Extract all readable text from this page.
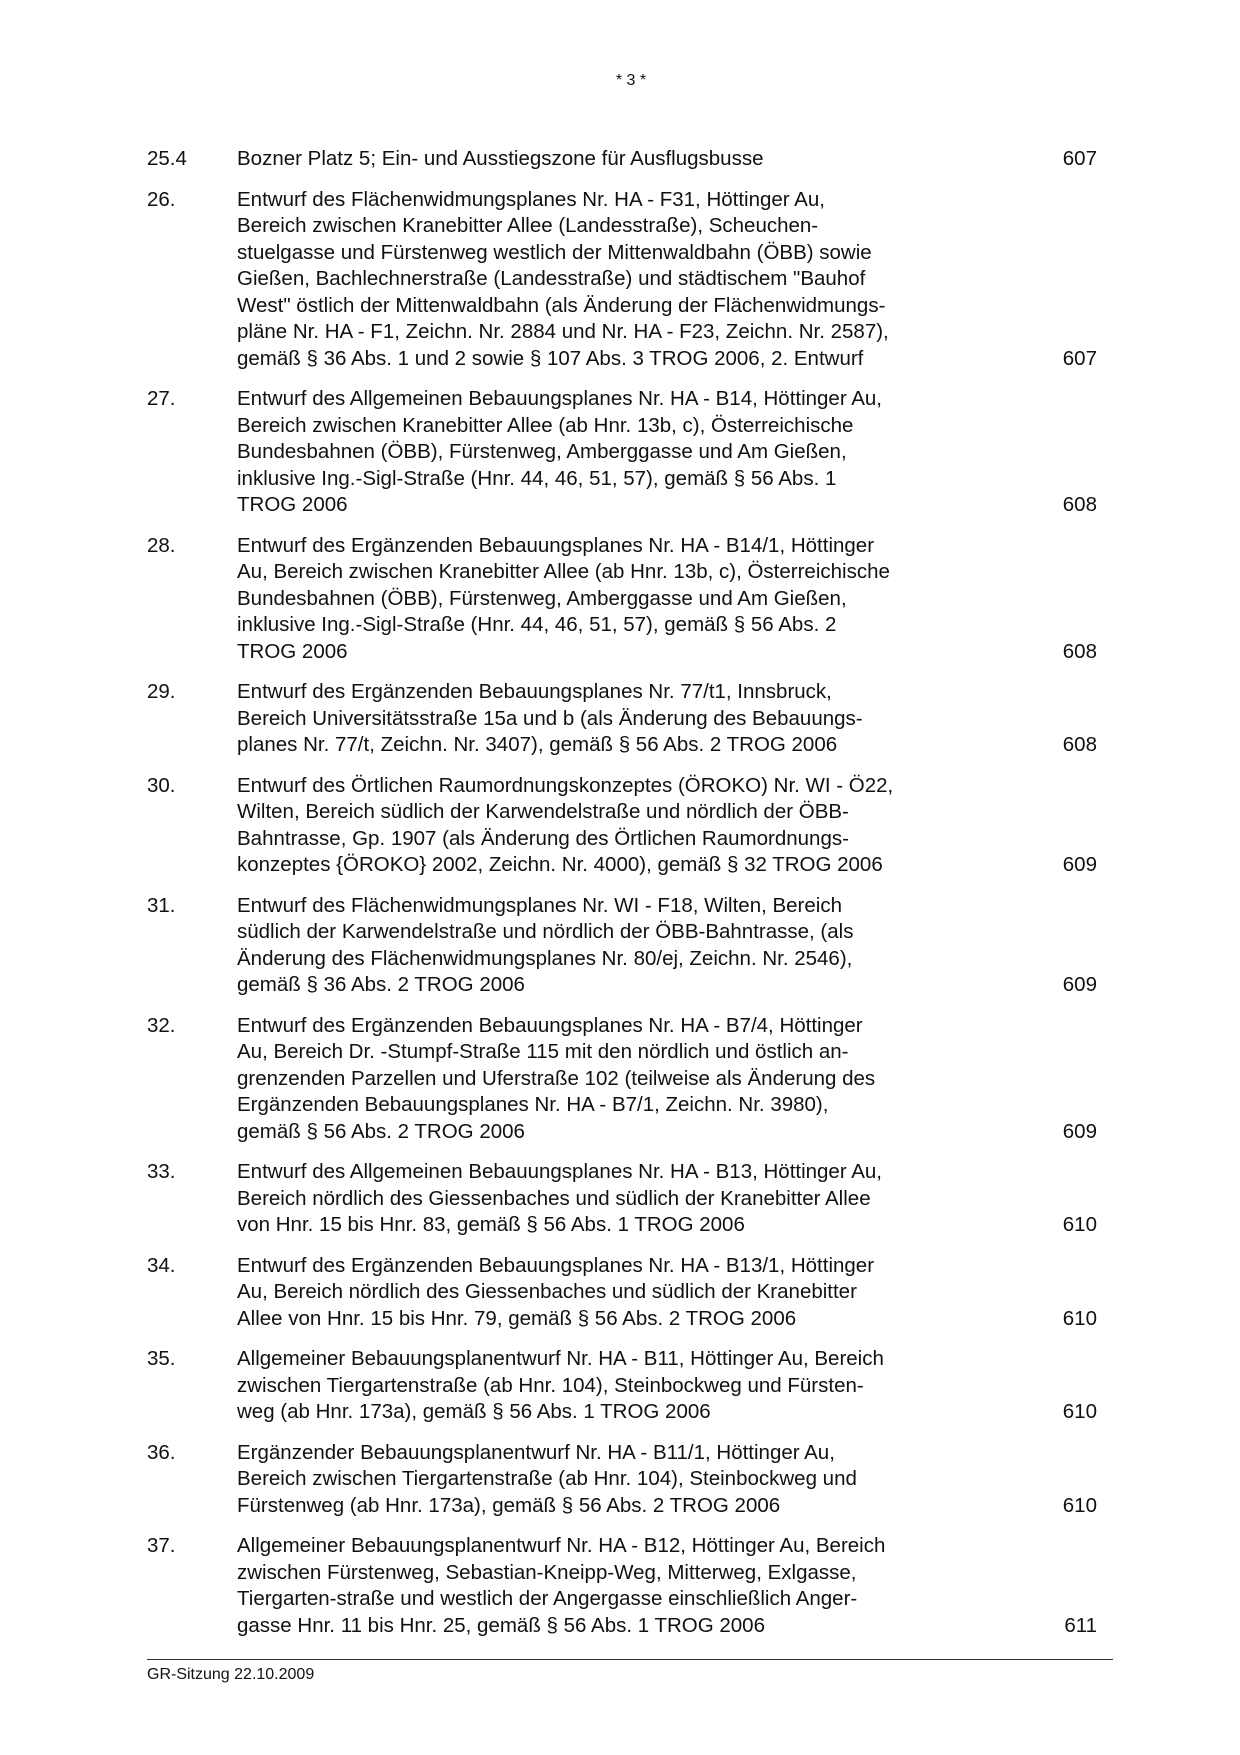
* 3 *
25.4	Bozner Platz 5; Ein- und Ausstiegszone für Ausflugsbusse	607
26.	Entwurf des Flächenwidmungsplanes Nr. HA - F31, Höttinger Au,
Bereich zwischen Kranebitter Allee (Landesstraße), Scheuchen-
stuelgasse und Fürstenweg westlich der Mittenwaldbahn (ÖBB) sowie
Gießen, Bachlechnerstraße (Landesstraße) und städtischem "Bauhof
West" östlich der Mittenwaldbahn (als Änderung der Flächenwidmungs-
pläne Nr. HA - F1, Zeichn. Nr. 2884 und Nr. HA - F23, Zeichn. Nr. 2587),
gemäß § 36 Abs. 1 und 2 sowie § 107 Abs. 3 TROG 2006, 2. Entwurf	607
27.	Entwurf des Allgemeinen Bebauungsplanes Nr. HA - B14, Höttinger Au,
Bereich zwischen Kranebitter Allee (ab Hnr. 13b, c), Österreichische
Bundesbahnen (ÖBB), Fürstenweg, Amberggasse und Am Gießen,
inklusive Ing.-Sigl-Straße (Hnr. 44, 46, 51, 57), gemäß § 56 Abs. 1
TROG 2006	608
28.	Entwurf des Ergänzenden Bebauungsplanes Nr. HA - B14/1, Höttinger
Au, Bereich zwischen Kranebitter Allee (ab Hnr. 13b, c), Österreichische
Bundesbahnen (ÖBB), Fürstenweg, Amberggasse und Am Gießen,
inklusive Ing.-Sigl-Straße (Hnr. 44, 46, 51, 57), gemäß § 56 Abs. 2
TROG 2006	608
29.	Entwurf des Ergänzenden Bebauungsplanes Nr. 77/t1, Innsbruck,
Bereich Universitätsstraße 15a und b (als Änderung des Bebauungs-
planes Nr. 77/t, Zeichn. Nr. 3407), gemäß § 56 Abs. 2 TROG 2006	608
30.	Entwurf des Örtlichen Raumordnungskonzeptes (ÖROKO) Nr. WI - Ö22,
Wilten, Bereich südlich der Karwendelstraße und nördlich der ÖBB-
Bahntrasse, Gp. 1907 (als Änderung des Örtlichen Raumordnungs-
konzeptes {ÖROKO} 2002, Zeichn. Nr. 4000), gemäß § 32 TROG 2006	609
31.	Entwurf des Flächenwidmungsplanes Nr. WI - F18, Wilten, Bereich
südlich der Karwendelstraße und nördlich der ÖBB-Bahntrasse, (als
Änderung des Flächenwidmungsplanes Nr. 80/ej, Zeichn. Nr. 2546),
gemäß § 36 Abs. 2 TROG 2006	609
32.	Entwurf des Ergänzenden Bebauungsplanes Nr. HA - B7/4, Höttinger
Au, Bereich Dr. -Stumpf-Straße 115 mit den nördlich und östlich an-
grenzenden Parzellen und Uferstraße 102 (teilweise als Änderung des
Ergänzenden Bebauungsplanes Nr. HA - B7/1, Zeichn. Nr. 3980),
gemäß § 56 Abs. 2 TROG 2006	609
33.	Entwurf des Allgemeinen Bebauungsplanes Nr. HA - B13, Höttinger Au,
Bereich nördlich des Giessenbaches und südlich der Kranebitter Allee
von Hnr. 15 bis Hnr. 83, gemäß § 56 Abs. 1 TROG 2006	610
34.	Entwurf des Ergänzenden Bebauungsplanes Nr. HA - B13/1, Höttinger
Au, Bereich nördlich des Giessenbaches und südlich der Kranebitter
Allee von Hnr. 15 bis Hnr. 79, gemäß § 56 Abs. 2 TROG 2006	610
35.	Allgemeiner Bebauungsplanentwurf Nr. HA - B11, Höttinger Au, Bereich
zwischen Tiergartenstraße (ab Hnr. 104), Steinbockweg und Fürsten-
weg (ab Hnr. 173a), gemäß § 56 Abs. 1 TROG 2006	610
36.	Ergänzender Bebauungsplanentwurf Nr. HA - B11/1, Höttinger Au,
Bereich zwischen Tiergartenstraße (ab Hnr. 104), Steinbockweg und
Fürstenweg (ab Hnr. 173a), gemäß § 56 Abs. 2 TROG 2006	610
37.	Allgemeiner Bebauungsplanentwurf Nr. HA - B12, Höttinger Au, Bereich
zwischen Fürstenweg, Sebastian-Kneipp-Weg, Mitterweg, Exlgasse,
Tiergarten-straße und westlich der Angergasse einschließlich Anger-
gasse Hnr. 11 bis Hnr. 25, gemäß § 56 Abs. 1 TROG 2006	611
GR-Sitzung 22.10.2009
